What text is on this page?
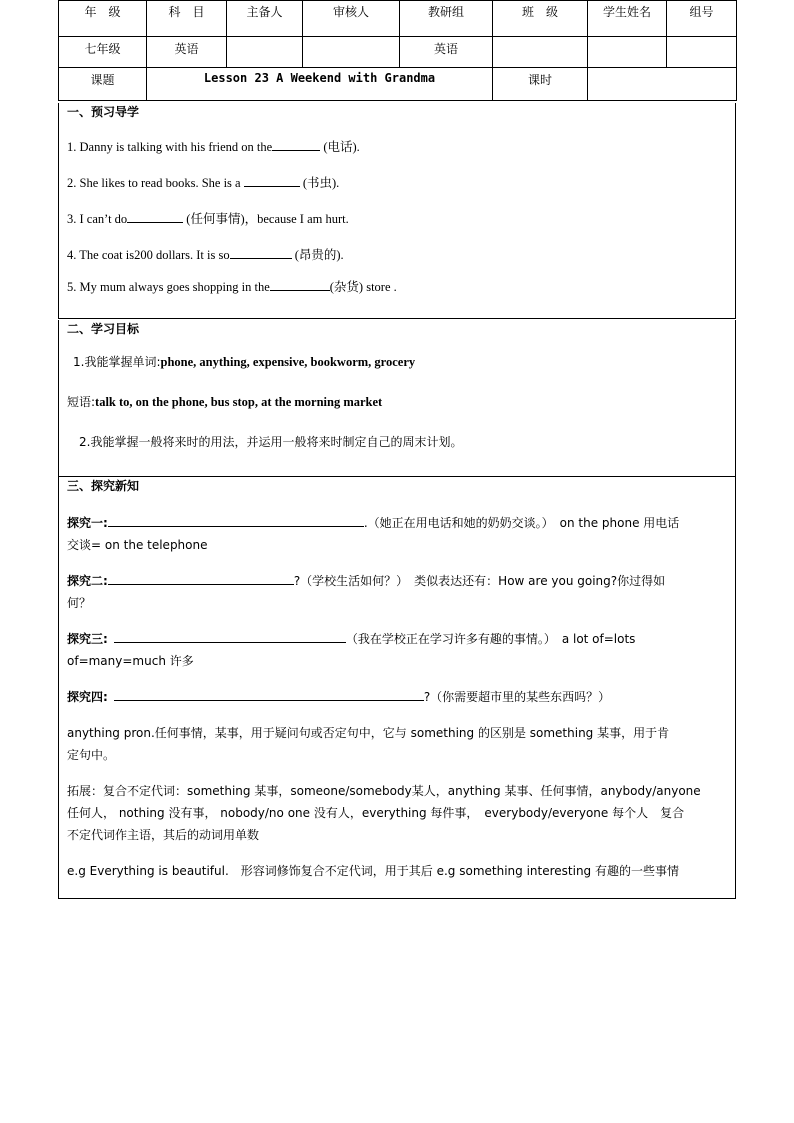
年　级	科　目	主备人	审核人	教研组	班　级	学生姓名	组号
七年级	英语			英语			
课题	Lesson 23 A Weekend with Grandma				课时		
一、预习导学
1. Danny is talking with his friend on the	(电话).
2. She likes to read books. She is a	(书虫).
3. I can’t do	(任何事情)，because I am hurt.
4. The coat is200 dollars. It is so	(昂贵的).
5. My mum always goes shopping in the	(杂货) store .
二、学习目标
1.我能掌握单词:phone, anything, expensive, bookworm, grocery
短语:talk to, on the phone, bus stop, at the morning market
2.我能掌握一般将来时的用法，并运用一般将来时制定自己的周末计划。
三、探究新知
探究一:	.（她正在用电话和她的奶奶交谈。）　on the phone 用电话
交谈= on the telephone
探究二:	?（学校生活如何？）　类似表达还有：How are you going?你过得如
何？
探究三:	（我在学校正在学习许多有趣的事情。）　a lot of=lots
of=many=much 许多
探究四:	?（你需要超市里的某些东西吗？）
anything pron.任何事情，某事，用于疑问句或否定句中，它与 something 的区别是 something 某事，用于肯
定句中。
拓展：复合不定代词：something 某事，someone/somebody某人，anything 某事、任何事情，anybody/anyone
任何人， nothing 没有事， nobody/no one 没有人，everything 每件事，　everybody/everyone 每个人　复合
不定代词作主语，其后的动词用单数
e.g Everything is beautiful.　形容词修饰复合不定代词，用于其后 e.g something interesting 有趣的一些事情
